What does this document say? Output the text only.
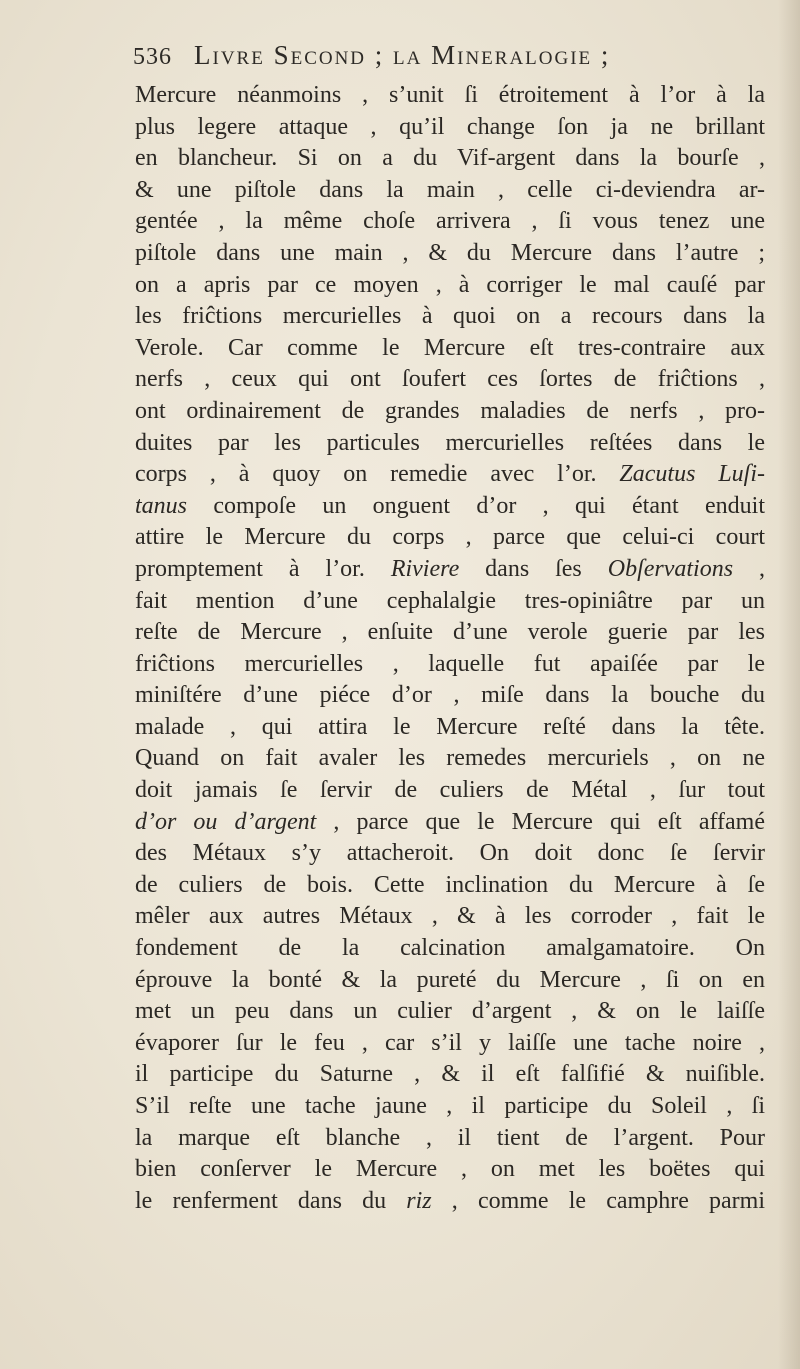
536 Livre Second ; la Mineralogie ;
Mercure néanmoins , s’unit ſi étroitement à l’or à la
plus legere attaque , qu’il change ſon ja ne brillant
en blancheur. Si on a du Vif-argent dans la bourſe ,
& une piſtole dans la main , celle ci-deviendra ar-
gentée , la même choſe arrivera , ſi vous tenez une
piſtole dans une main , & du Mercure dans l’autre ;
on a apris par ce moyen , à corriger le mal cauſé par
les friĉtions mercurielles à quoi on a recours dans la
Verole. Car comme le Mercure eſt tres-contraire aux
nerfs , ceux qui ont ſoufert ces ſortes de friĉtions ,
ont ordinairement de grandes maladies de nerfs , pro-
duites par les particules mercurielles reſtées dans le
corps , à quoy on remedie avec l’or. Zacutus Luſi-
tanus compoſe un onguent d’or , qui étant enduit
attire le Mercure du corps , parce que celui-ci court
promptement à l’or. Riviere dans ſes Obſervations ,
fait mention d’une cephalalgie tres-opiniâtre par un
reſte de Mercure , enſuite d’une verole guerie par les
friĉtions mercurielles , laquelle fut apaiſée par le
miniſtére d’une piéce d’or , miſe dans la bouche du
malade , qui attira le Mercure reſté dans la tête.
Quand on fait avaler les remedes mercuriels , on ne
doit jamais ſe ſervir de culiers de Métal , ſur tout
d’or ou d’argent , parce que le Mercure qui eſt affamé
des Métaux s’y attacheroit. On doit donc ſe ſervir
de culiers de bois. Cette inclination du Mercure à ſe
mêler aux autres Métaux , & à les corroder , fait le
fondement de la calcination amalgamatoire. On
éprouve la bonté & la pureté du Mercure , ſi on en
met un peu dans un culier d’argent , & on le laiſſe
évaporer ſur le feu , car s’il y laiſſe une tache noire ,
il participe du Saturne , & il eſt falſifié & nuiſible.
S’il reſte une tache jaune , il participe du Soleil , ſi
la marque eſt blanche , il tient de l’argent. Pour
bien conſerver le Mercure , on met les boëtes qui
le renferment dans du riz , comme le camphre parmi
